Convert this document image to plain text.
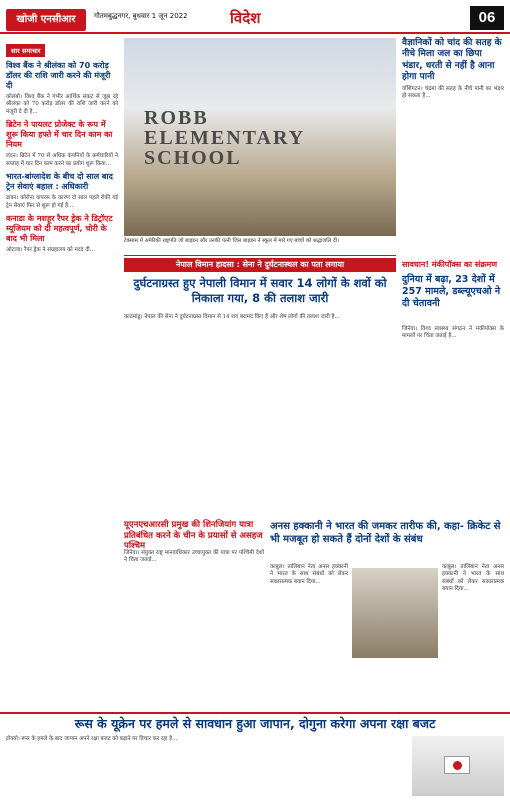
खोजी एनसीआर	गौतमबुद्धनगर, बुधवार 1 जून 2022	विदेश	06
सार समाचार
विश्व बैंक ने श्रीलंका को 70 करोड़ डॉलर की राशि जारी करने की मंजूरी दी
कोलंबो। विश्व बैंक ने गंभीर आर्थिक संकट से जूझ रहे श्रीलंका को 70 करोड़ डॉलर की राशि जारी करने को मंजूरी दे दी है...
ब्रिटेन ने पायलट प्रोजेक्ट के रूप में शुरू किया हफ्ते में चार दिन काम का नियम
लंदन। ब्रिटेन में 70 से अधिक कंपनियों के कर्मचारियों ने सप्ताह में चार दिन काम करने का प्रयोग शुरू किया...
भारत-बांग्लादेश के बीच दो साल बाद ट्रेन सेवाएं बहाल : अधिकारी
ढाका। कोरोना वायरस के कारण दो साल पहले रोकी गई ट्रेन सेवाएं फिर से शुरू हो गई हैं...
कनाडा के मशहूर रैपर ड्रेक ने डिट्रॉएट म्यूजियम को दी महत्वपूर्ण, चोरी के बाद भी मिला
ओटावा। रैपर ड्रेक ने संग्रहालय को मदद दी...
ROBB ELEMENTARY SCHOOL
टेक्सास में अमेरिकी राष्ट्रपति जो बाइडन और उनकी पत्नी जिल बाइडन ने स्कूल में मारे गए बच्चों को श्रद्धांजलि दी।
वैज्ञानिकों को चांद की सतह के नीचे मिला जल का छिपा भंडार, धरती से नहीं है आना होगा पानी
वॉशिंगटन। चंद्रमा की सतह के नीचे पानी का भंडार हो सकता है...
नेपाल विमान हादसा : सेना ने दुर्घटनास्थल का पता लगाया	सावधान! मंकीपॉक्स का संक्रमण
दुर्घटनाग्रस्त हुए नेपाली विमान में सवार 14 लोगों के शवों को निकाला गया, 8 की तलाश जारी
दुनिया में बढ़ा, 23 देशों में 257 मामले, डब्ल्यूएचओ ने दी चेतावनी
काठमांडू। नेपाल की सेना ने दुर्घटनाग्रस्त विमान से 14 शव बरामद किए हैं और शेष लोगों की तलाश जारी है...
जिनेवा। विश्व स्वास्थ्य संगठन ने मंकीपॉक्स के मामलों पर चिंता जताई है...
यूएनएचआरसी प्रमुख की शिनजियांग यात्रा प्रतिबंधित करने के चीन के प्रयासों से असहज पश्चिम
जिनेवा। संयुक्त राष्ट्र मानवाधिकार उच्चायुक्त की यात्रा पर पश्चिमी देशों ने चिंता जताई...
अनस हक्कानी ने भारत की जमकर तारीफ की, कहा- क्रिकेट से भी मजबूत हो सकते हैं दोनों देशों के संबंध
काबुल। तालिबान नेता अनस हक्कानी ने भारत के साथ संबंधों को लेकर सकारात्मक बयान दिया...
काबुल। तालिबान नेता अनस हक्कानी ने भारत के साथ संबंधों को लेकर सकारात्मक बयान दिया...
रूस के यूक्रेन पर हमले से सावधान हुआ जापान, दोगुना करेगा अपना रक्षा बजट
टोक्यो। रूस के हमले के बाद जापान अपने रक्षा बजट को बढ़ाने पर विचार कर रहा है...
